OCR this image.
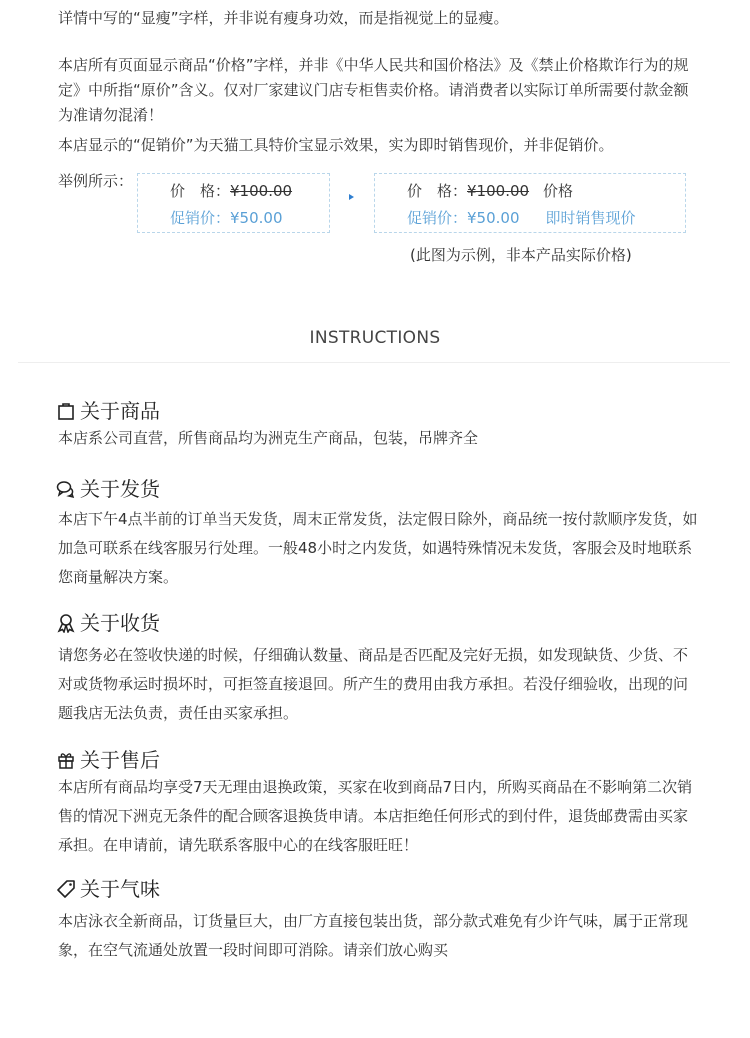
详情中写的“显瘦”字样，并非说有瘦身功效，而是指视觉上的显瘦。

本店所有页面显示商品“价格”字样，并非《中华人民共和国价格法》及《禁止价格欺诈行为的规定》中所指“原价”含义。仅对厂家建议门店专柜售卖价格。请消费者以实际订单所需要付款金额为准请勿混淆！

本店显示的“促销价”为天猫工具特价宝显示效果，实为即时销售现价，并非促销价。

举例所示：
价　格：¥100.00
促销价：¥50.00
价　格：¥100.00 价格
促销价：¥50.00 即时销售现价
(此图为示例，非本产品实际价格)
INSTRUCTIONS
关于商品

本店系公司直营，所售商品均为洲克生产商品，包装，吊牌齐全

关于发货

本店下午4点半前的订单当天发货，周末正常发货，法定假日除外，商品统一按付款顺序发货，如加急可联系在线客服另行处理。一般48小时之内发货，如遇特殊情况未发货，客服会及时地联系您商量解决方案。

关于收货

请您务必在签收快递的时候，仔细确认数量、商品是否匹配及完好无损，如发现缺货、少货、不对或货物承运时损坏时，可拒签直接退回。所产生的费用由我方承担。若没仔细验收，出现的问题我店无法负责，责任由买家承担。

关于售后

本店所有商品均享受7天无理由退换政策，买家在收到商品7日内，所购买商品在不影响第二次销售的情况下洲克无条件的配合顾客退换货申请。本店拒绝任何形式的到付件，退货邮费需由买家承担。在申请前，请先联系客服中心的在线客服旺旺！

关于气味

本店泳衣全新商品，订货量巨大，由厂方直接包装出货，部分款式难免有少许气味，属于正常现象，在空气流通处放置一段时间即可消除。请亲们放心购买
